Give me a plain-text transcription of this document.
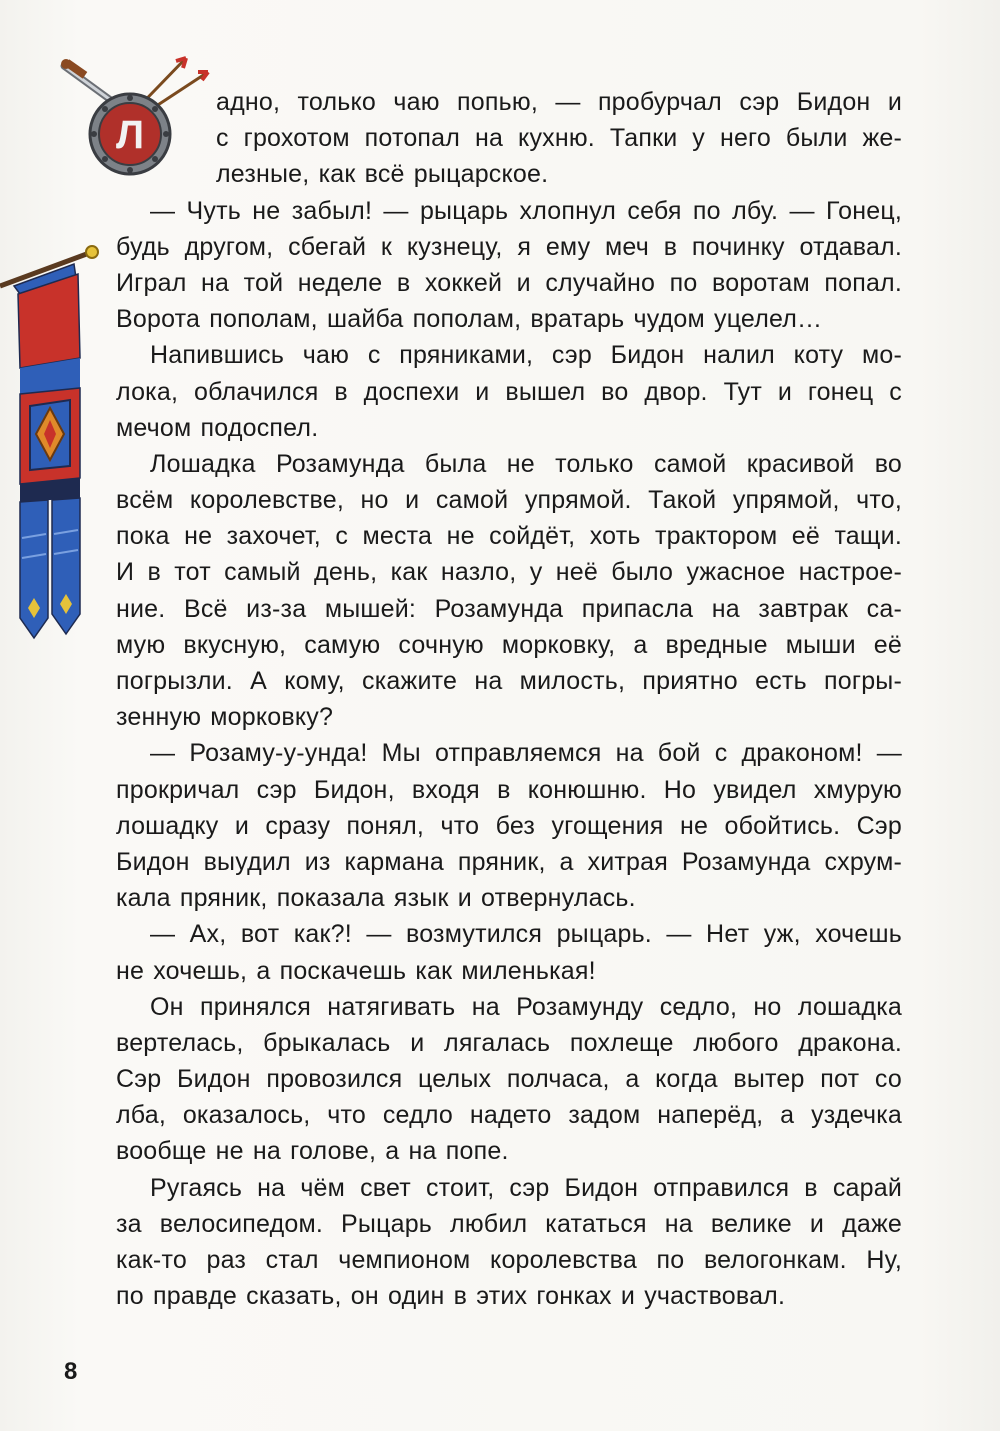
Л
адно, только чаю попью, — пробурчал сэр Бидон и
с грохотом потопал на кухню. Тапки у него были же-
лезные, как всё рыцарское.
— Чуть не забыл! — рыцарь хлопнул себя по лбу. — Гонец,
будь другом, сбегай к кузнецу, я ему меч в починку отдавал.
Играл на той неделе в хоккей и случайно по воротам попал.
Ворота пополам, шайба пополам, вратарь чудом уцелел…
Напившись чаю с пряниками, сэр Бидон налил коту мо-
лока, облачился в доспехи и вышел во двор. Тут и гонец с
мечом подоспел.
Лошадка Розамунда была не только самой красивой во
всём королевстве, но и самой упрямой. Такой упрямой, что,
пока не захочет, с места не сойдёт, хоть трактором её тащи.
И в тот самый день, как назло, у неё было ужасное настрое-
ние. Всё из-за мышей: Розамунда припасла на завтрак са-
мую вкусную, самую сочную морковку, а вредные мыши её
погрызли. А кому, скажите на милость, приятно есть погры-
зенную морковку?
— Розаму-у-унда! Мы отправляемся на бой с драконом! —
прокричал сэр Бидон, входя в конюшню. Но увидел хмурую
лошадку и сразу понял, что без угощения не обойтись. Сэр
Бидон выудил из кармана пряник, а хитрая Розамунда схрум-
кала пряник, показала язык и отвернулась.
— Ах, вот как?! — возмутился рыцарь. — Нет уж, хочешь
не хочешь, а поскачешь как миленькая!
Он принялся натягивать на Розамунду седло, но лошадка
вертелась, брыкалась и лягалась похлеще любого дракона.
Сэр Бидон провозился целых полчаса, а когда вытер пот со
лба, оказалось, что седло надето задом наперёд, а уздечка
вообще не на голове, а на попе.
Ругаясь на чём свет стоит, сэр Бидон отправился в сарай
за велосипедом. Рыцарь любил кататься на велике и даже
как-то раз стал чемпионом королевства по велогонкам. Ну,
по правде сказать, он один в этих гонках и участвовал.
8
